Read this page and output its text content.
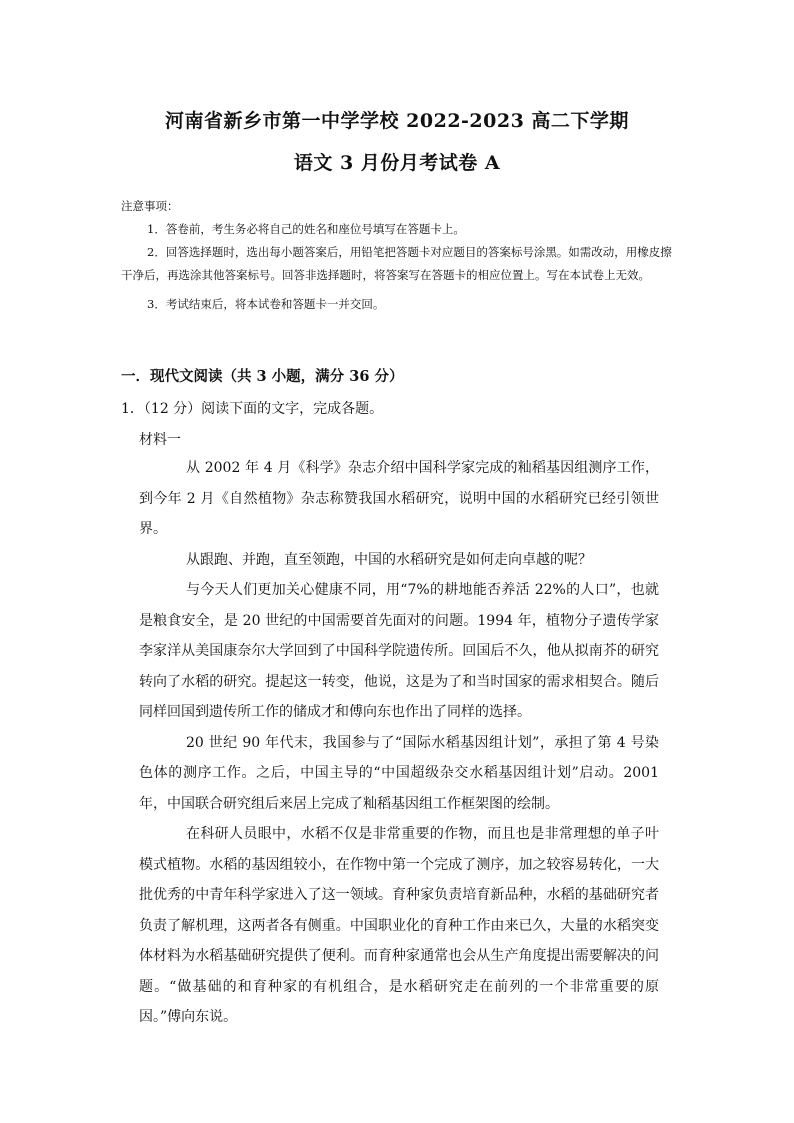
河南省新乡市第一中学学校 2022-2023 高二下学期
语文 3 月份月考试卷 A
注意事项：
1．答卷前，考生务必将自己的姓名和座位号填写在答题卡上。
2．回答选择题时，选出每小题答案后，用铅笔把答题卡对应题目的答案标号涂黑。如需改动，用橡皮擦干净后，再选涂其他答案标号。回答非选择题时，将答案写在答题卡的相应位置上。写在本试卷上无效。
3．考试结束后，将本试卷和答题卡一并交回。
一．现代文阅读（共 3 小题，满分 36 分）
1．（12 分）阅读下面的文字，完成各题。
材料一

从 2002 年 4 月《科学》杂志介绍中国科学家完成的籼稻基因组测序工作，到今年 2 月《自然植物》杂志称赞我国水稻研究，说明中国的水稻研究已经引领世界。

从跟跑、并跑，直至领跑，中国的水稻研究是如何走向卓越的呢？

与今天人们更加关心健康不同，用“7%的耕地能否养活 22%的人口”，也就是粮食安全，是 20 世纪的中国需要首先面对的问题。1994 年，植物分子遗传学家李家洋从美国康奈尔大学回到了中国科学院遗传所。回国后不久，他从拟南芥的研究转向了水稻的研究。提起这一转变，他说，这是为了和当时国家的需求相契合。随后同样回国到遗传所工作的储成才和傅向东也作出了同样的选择。

20 世纪 90 年代末，我国参与了“国际水稻基因组计划”，承担了第 4 号染色体的测序工作。之后，中国主导的“中国超级杂交水稻基因组计划”启动。2001 年，中国联合研究组后来居上完成了籼稻基因组工作框架图的绘制。

在科研人员眼中，水稻不仅是非常重要的作物，而且也是非常理想的单子叶模式植物。水稻的基因组较小，在作物中第一个完成了测序，加之较容易转化，一大批优秀的中青年科学家进入了这一领域。育种家负责培育新品种，水稻的基础研究者负责了解机理，这两者各有侧重。中国职业化的育种工作由来已久，大量的水稻突变体材料为水稻基础研究提供了便利。而育种家通常也会从生产角度提出需要解决的问题。“做基础的和育种家的有机组合，是水稻研究走在前列的一个非常重要的原因。”傅向东说。
